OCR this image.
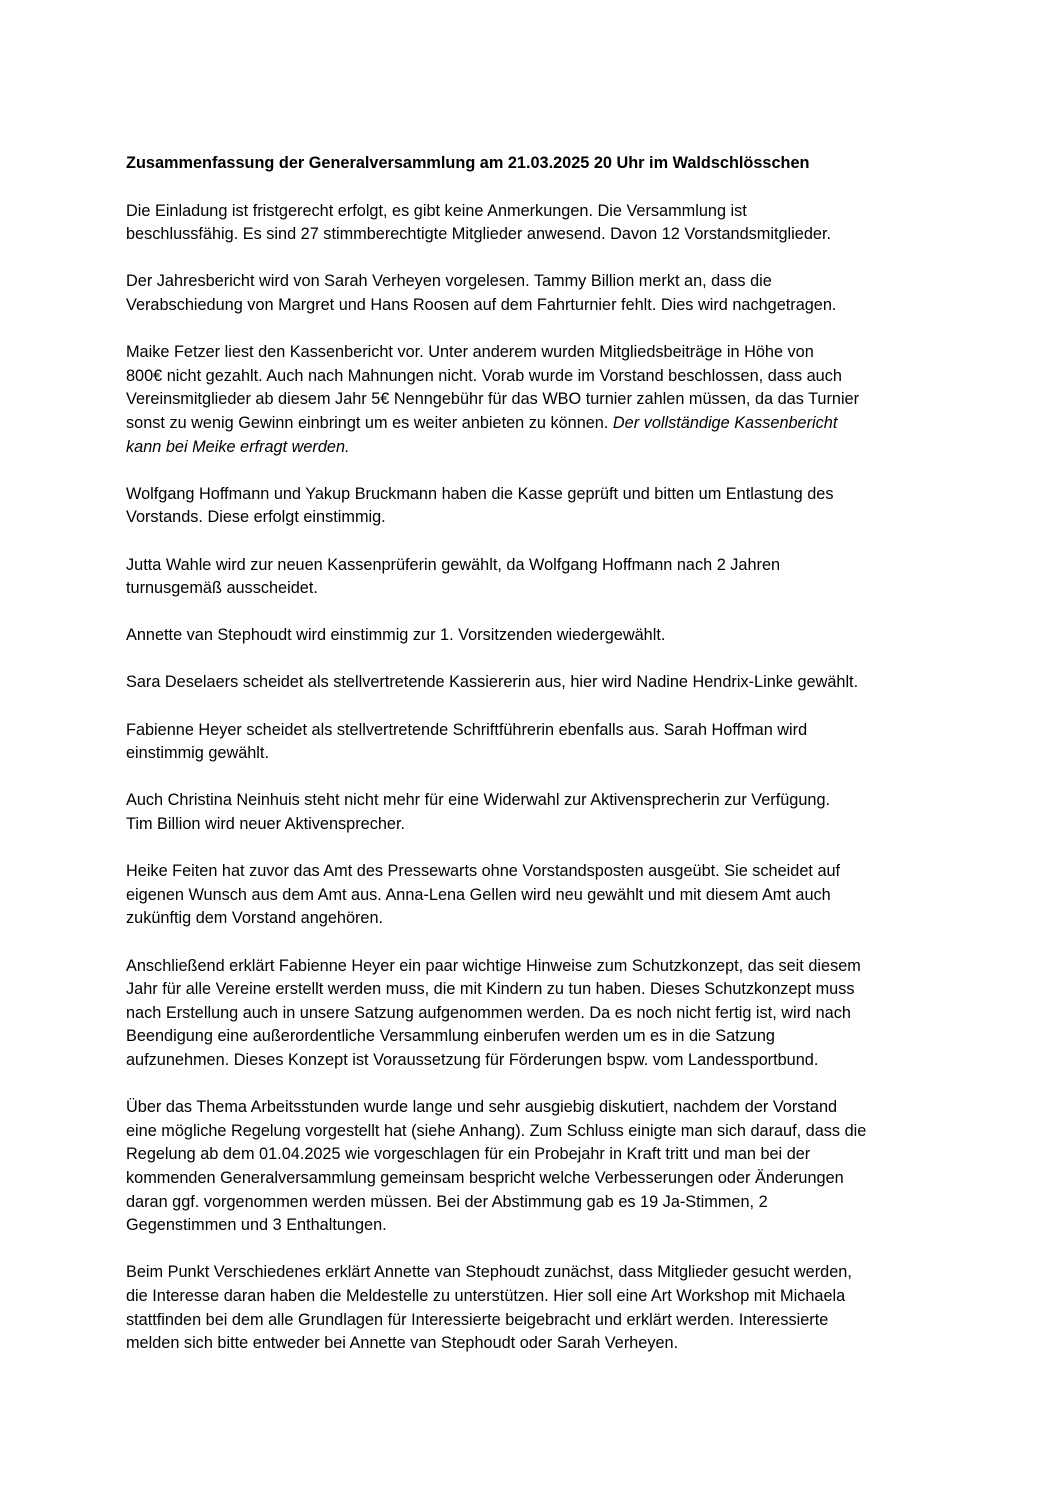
Zusammenfassung der Generalversammlung am 21.03.2025 20 Uhr im Waldschlösschen
Die Einladung ist fristgerecht erfolgt, es gibt keine Anmerkungen. Die Versammlung ist
beschlussfähig. Es sind 27 stimmberechtigte Mitglieder anwesend. Davon 12 Vorstandsmitglieder.
Der Jahresbericht wird von Sarah Verheyen vorgelesen. Tammy Billion merkt an, dass die
Verabschiedung von Margret und Hans Roosen auf dem Fahrturnier fehlt. Dies wird nachgetragen.
Maike Fetzer liest den Kassenbericht vor. Unter anderem wurden Mitgliedsbeiträge in Höhe von
800€ nicht gezahlt. Auch nach Mahnungen nicht. Vorab wurde im Vorstand beschlossen, dass auch
Vereinsmitglieder ab diesem Jahr 5€ Nenngebühr für das WBO turnier zahlen müssen, da das Turnier
sonst zu wenig Gewinn einbringt um es weiter anbieten zu können. Der vollständige Kassenbericht
kann bei Meike erfragt werden.
Wolfgang Hoffmann und Yakup Bruckmann haben die Kasse geprüft und bitten um Entlastung des
Vorstands. Diese erfolgt einstimmig.
Jutta Wahle wird zur neuen Kassenprüferin gewählt, da Wolfgang Hoffmann nach 2 Jahren
turnusgemäß ausscheidet.
Annette van Stephoudt wird einstimmig zur 1. Vorsitzenden wiedergewählt.
Sara Deselaers scheidet als stellvertretende Kassiererin aus, hier wird Nadine Hendrix-Linke gewählt.
Fabienne Heyer scheidet als stellvertretende Schriftführerin ebenfalls aus. Sarah Hoffman wird
einstimmig gewählt.
Auch Christina Neinhuis steht nicht mehr für eine Widerwahl zur Aktivensprecherin zur Verfügung.
Tim Billion wird neuer Aktivensprecher.
Heike Feiten hat zuvor das Amt des Pressewarts ohne Vorstandsposten ausgeübt. Sie scheidet auf
eigenen Wunsch aus dem Amt aus. Anna-Lena Gellen wird neu gewählt und mit diesem Amt auch
zukünftig dem Vorstand angehören.
Anschließend erklärt Fabienne Heyer ein paar wichtige Hinweise zum Schutzkonzept, das seit diesem
Jahr für alle Vereine erstellt werden muss, die mit Kindern zu tun haben. Dieses Schutzkonzept muss
nach Erstellung auch in unsere Satzung aufgenommen werden. Da es noch nicht fertig ist, wird nach
Beendigung eine außerordentliche Versammlung einberufen werden um es in die Satzung
aufzunehmen. Dieses Konzept ist Voraussetzung für Förderungen bspw. vom Landessportbund.
Über das Thema Arbeitsstunden wurde lange und sehr ausgiebig diskutiert, nachdem der Vorstand
eine mögliche Regelung vorgestellt hat (siehe Anhang). Zum Schluss einigte man sich darauf, dass die
Regelung ab dem 01.04.2025 wie vorgeschlagen für ein Probejahr in Kraft tritt und man bei der
kommenden Generalversammlung gemeinsam bespricht welche Verbesserungen oder Änderungen
daran ggf. vorgenommen werden müssen. Bei der Abstimmung gab es 19 Ja-Stimmen, 2
Gegenstimmen und 3 Enthaltungen.
Beim Punkt Verschiedenes erklärt Annette van Stephoudt zunächst, dass Mitglieder gesucht werden,
die Interesse daran haben die Meldestelle zu unterstützen. Hier soll eine Art Workshop mit Michaela
stattfinden bei dem alle Grundlagen für Interessierte beigebracht und erklärt werden. Interessierte
melden sich bitte entweder bei Annette van Stephoudt oder Sarah Verheyen.
